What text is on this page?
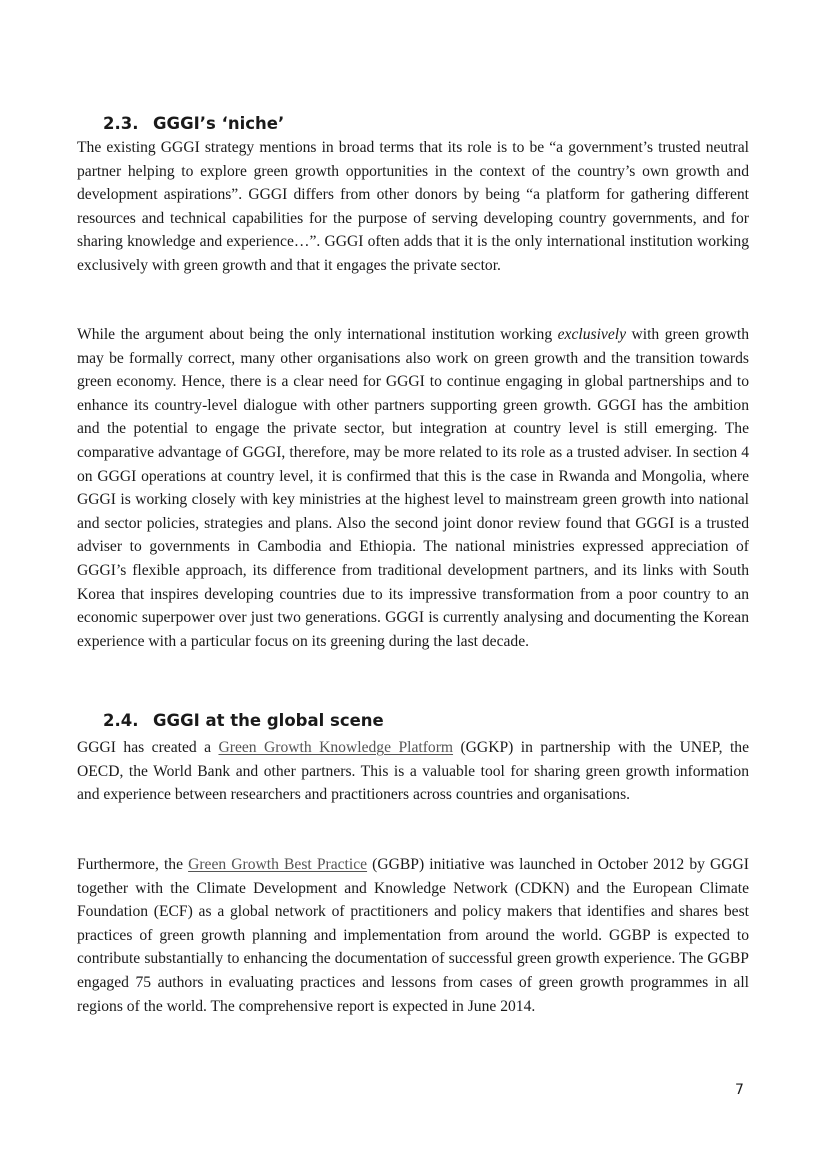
2.3. GGGI’s ‘niche’

The existing GGGI strategy mentions in broad terms that its role is to be “a government’s trusted neutral partner helping to explore green growth opportunities in the context of the country’s own growth and development aspirations”. GGGI differs from other donors by being “a platform for gathering different resources and technical capabilities for the purpose of serving developing country governments, and for sharing knowledge and experience…”. GGGI often adds that it is the only international institution working exclusively with green growth and that it engages the private sector.

While the argument about being the only international institution working exclusively with green growth may be formally correct, many other organisations also work on green growth and the transition towards green economy. Hence, there is a clear need for GGGI to continue engaging in global partnerships and to enhance its country-level dialogue with other partners supporting green growth. GGGI has the ambition and the potential to engage the private sector, but integration at country level is still emerging. The comparative advantage of GGGI, therefore, may be more related to its role as a trusted adviser. In section 4 on GGGI operations at country level, it is confirmed that this is the case in Rwanda and Mongolia, where GGGI is working closely with key ministries at the highest level to mainstream green growth into national and sector policies, strategies and plans. Also the second joint donor review found that GGGI is a trusted adviser to governments in Cambodia and Ethiopia. The national ministries expressed appreciation of GGGI’s flexible approach, its difference from traditional development partners, and its links with South Korea that inspires developing countries due to its impressive transformation from a poor country to an economic superpower over just two generations. GGGI is currently analysing and documenting the Korean experience with a particular focus on its greening during the last decade.

2.4. GGGI at the global scene

GGGI has created a Green Growth Knowledge Platform (GGKP) in partnership with the UNEP, the OECD, the World Bank and other partners. This is a valuable tool for sharing green growth information and experience between researchers and practitioners across countries and organisations.

Furthermore, the Green Growth Best Practice (GGBP) initiative was launched in October 2012 by GGGI together with the Climate Development and Knowledge Network (CDKN) and the European Climate Foundation (ECF) as a global network of practitioners and policy makers that identifies and shares best practices of green growth planning and implementation from around the world. GGBP is expected to contribute substantially to enhancing the documentation of successful green growth experience. The GGBP engaged 75 authors in evaluating practices and lessons from cases of green growth programmes in all regions of the world. The comprehensive report is expected in June 2014.

7
